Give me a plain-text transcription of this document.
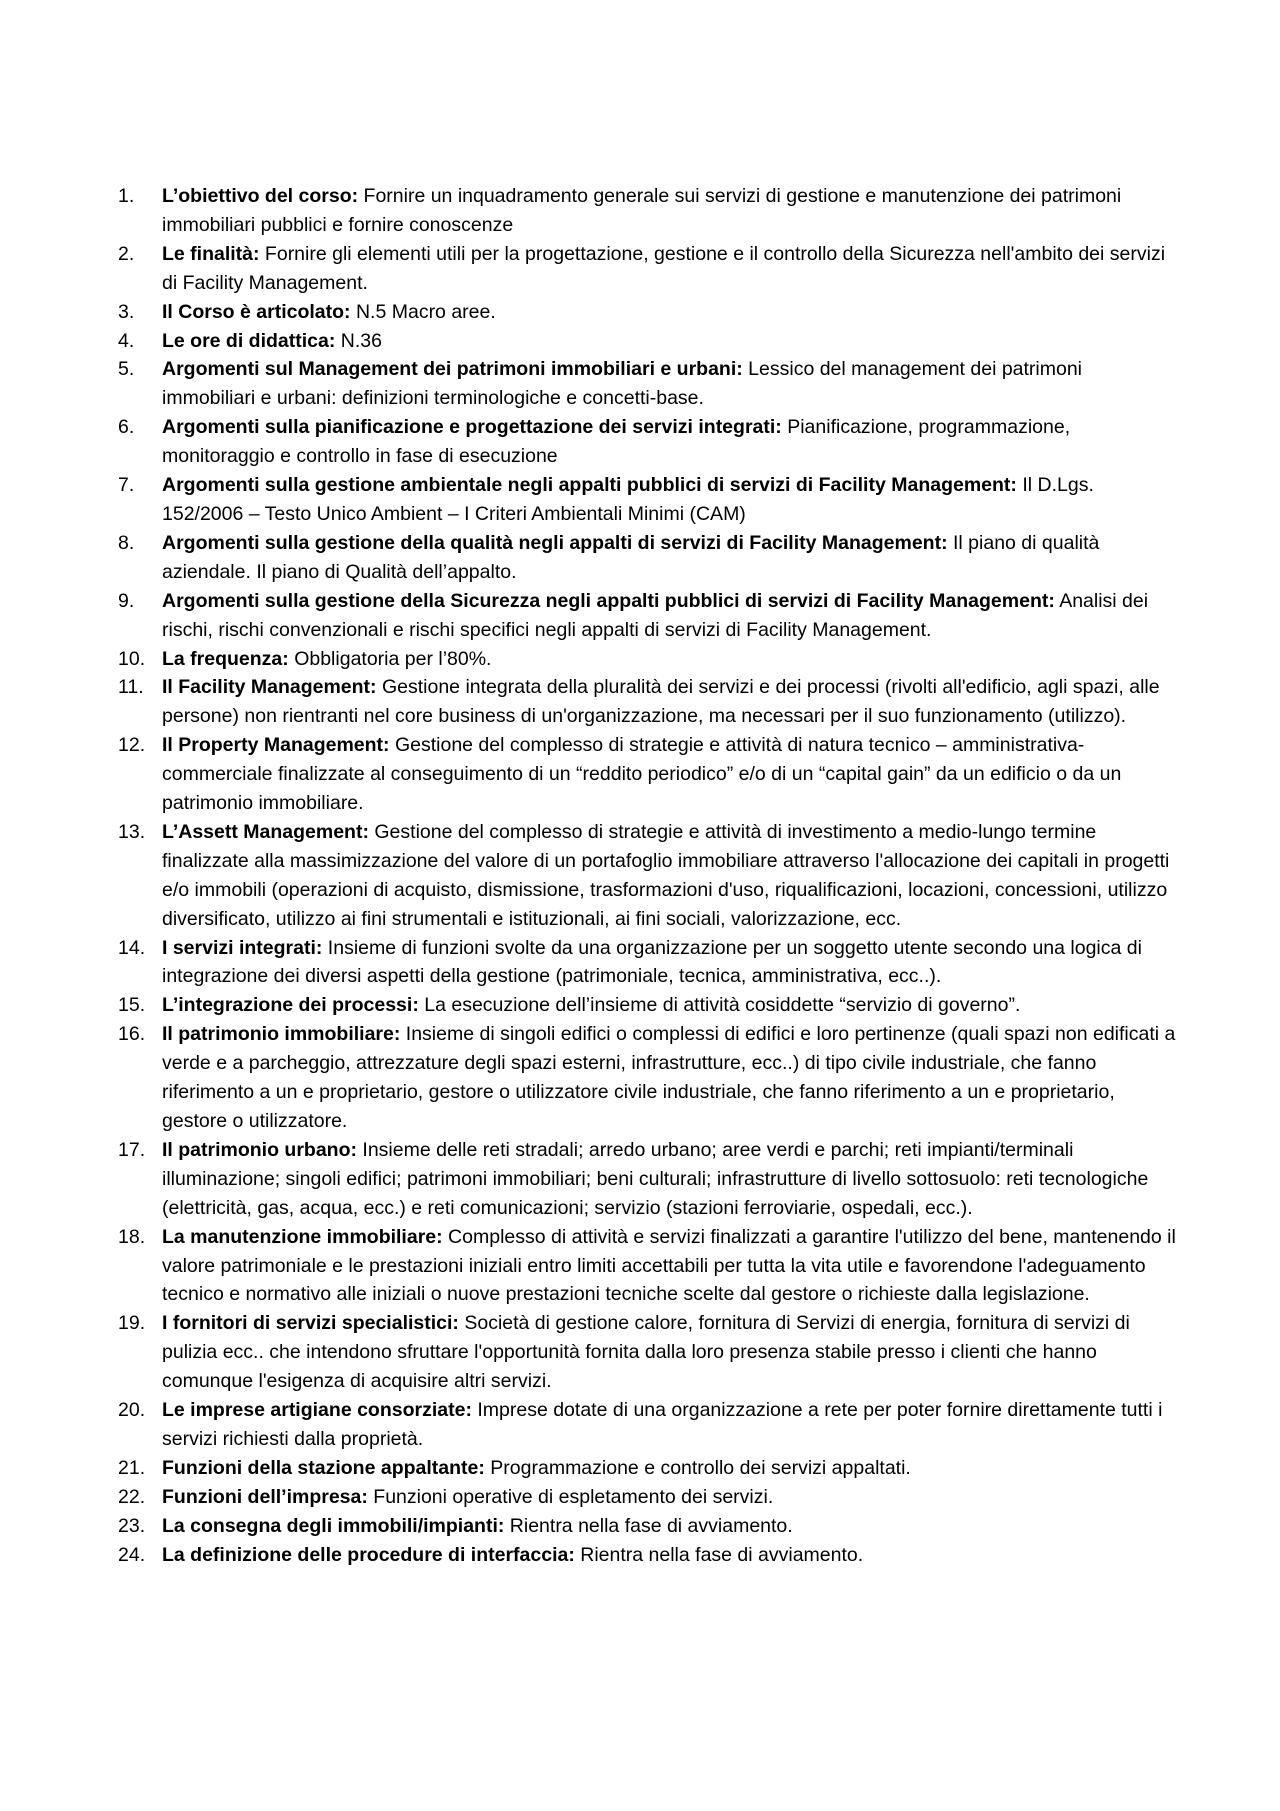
1.	L’obiettivo del corso: Fornire un inquadramento generale sui servizi di gestione e manutenzione dei patrimoni immobiliari pubblici e fornire conoscenze
2.	Le finalità: Fornire gli elementi utili per la progettazione, gestione e il controllo della Sicurezza nell'ambito dei servizi di Facility Management.
3.	Il Corso è articolato: N.5 Macro aree.
4.	Le ore di didattica: N.36
5.	Argomenti sul Management dei patrimoni immobiliari e urbani: Lessico del management dei patrimoni immobiliari e urbani: definizioni terminologiche e concetti-base.
6.	Argomenti sulla pianificazione e progettazione dei servizi integrati: Pianificazione, programmazione, monitoraggio e controllo in fase di esecuzione
7.	Argomenti sulla gestione ambientale negli appalti pubblici di servizi di Facility Management: Il D.Lgs. 152/2006 – Testo Unico Ambient – I Criteri Ambientali Minimi (CAM)
8.	Argomenti sulla gestione della qualità negli appalti di servizi di Facility Management: Il piano di qualità aziendale. Il piano di Qualità dell’appalto.
9.	Argomenti sulla gestione della Sicurezza negli appalti pubblici di servizi di Facility Management: Analisi dei rischi, rischi convenzionali e rischi specifici negli appalti di servizi di Facility Management.
10. La frequenza: Obbligatoria per l’80%.
11. Il Facility Management: Gestione integrata della pluralità dei servizi e dei processi (rivolti all'edificio, agli spazi, alle persone) non rientranti nel core business di un'organizzazione, ma necessari per il suo funzionamento (utilizzo).
12. Il Property Management: Gestione del complesso di strategie e attività di natura tecnico – amministrativa- commerciale finalizzate al conseguimento di un “reddito periodico” e/o di un “capital gain” da un edificio o da un patrimonio immobiliare.
13. L’Assett Management: Gestione del complesso di strategie e attività di investimento a medio-lungo termine finalizzate alla massimizzazione del valore di un portafoglio immobiliare attraverso l'allocazione dei capitali in progetti e/o immobili (operazioni di acquisto, dismissione, trasformazioni d'uso, riqualificazioni, locazioni, concessioni, utilizzo diversificato, utilizzo ai fini strumentali e istituzionali, ai fini sociali, valorizzazione, ecc.
14. I servizi integrati: Insieme di funzioni svolte da una organizzazione per un soggetto utente secondo una logica di integrazione dei diversi aspetti della gestione (patrimoniale, tecnica, amministrativa, ecc..).
15. L’integrazione dei processi: La esecuzione dell’insieme di attività cosiddette “servizio di governo”.
16. Il patrimonio immobiliare: Insieme di singoli edifici o complessi di edifici e loro pertinenze (quali spazi non edificati a verde e a parcheggio, attrezzature degli spazi esterni, infrastrutture, ecc..) di tipo civile industriale, che fanno riferimento a un e proprietario, gestore o utilizzatore civile industriale, che fanno riferimento a un e proprietario, gestore o utilizzatore.
17. Il patrimonio urbano: Insieme delle reti stradali; arredo urbano; aree verdi e parchi; reti impianti/terminali illuminazione; singoli edifici; patrimoni immobiliari; beni culturali; infrastrutture di livello sottosuolo: reti tecnologiche (elettricità, gas, acqua, ecc.) e reti comunicazioni; servizio (stazioni ferroviarie, ospedali, ecc.).
18. La manutenzione immobiliare: Complesso di attività e servizi finalizzati a garantire l'utilizzo del bene, mantenendo il valore patrimoniale e le prestazioni iniziali entro limiti accettabili per tutta la vita utile e favorendone l'adeguamento tecnico e normativo alle iniziali o nuove prestazioni tecniche scelte dal gestore o richieste dalla legislazione.
19. I fornitori di servizi specialistici: Società di gestione calore, fornitura di Servizi di energia, fornitura di servizi di pulizia ecc.. che intendono sfruttare l'opportunità fornita dalla loro presenza stabile presso i clienti che hanno comunque l'esigenza di acquisire altri servizi.
20. Le imprese artigiane consorziate: Imprese dotate di una organizzazione a rete per poter fornire direttamente tutti i servizi richiesti dalla proprietà.
21. Funzioni della stazione appaltante: Programmazione e controllo dei servizi appaltati.
22. Funzioni dell’impresa: Funzioni operative di espletamento dei servizi.
23. La consegna degli immobili/impianti: Rientra nella fase di avviamento.
24. La definizione delle procedure di interfaccia: Rientra nella fase di avviamento.
